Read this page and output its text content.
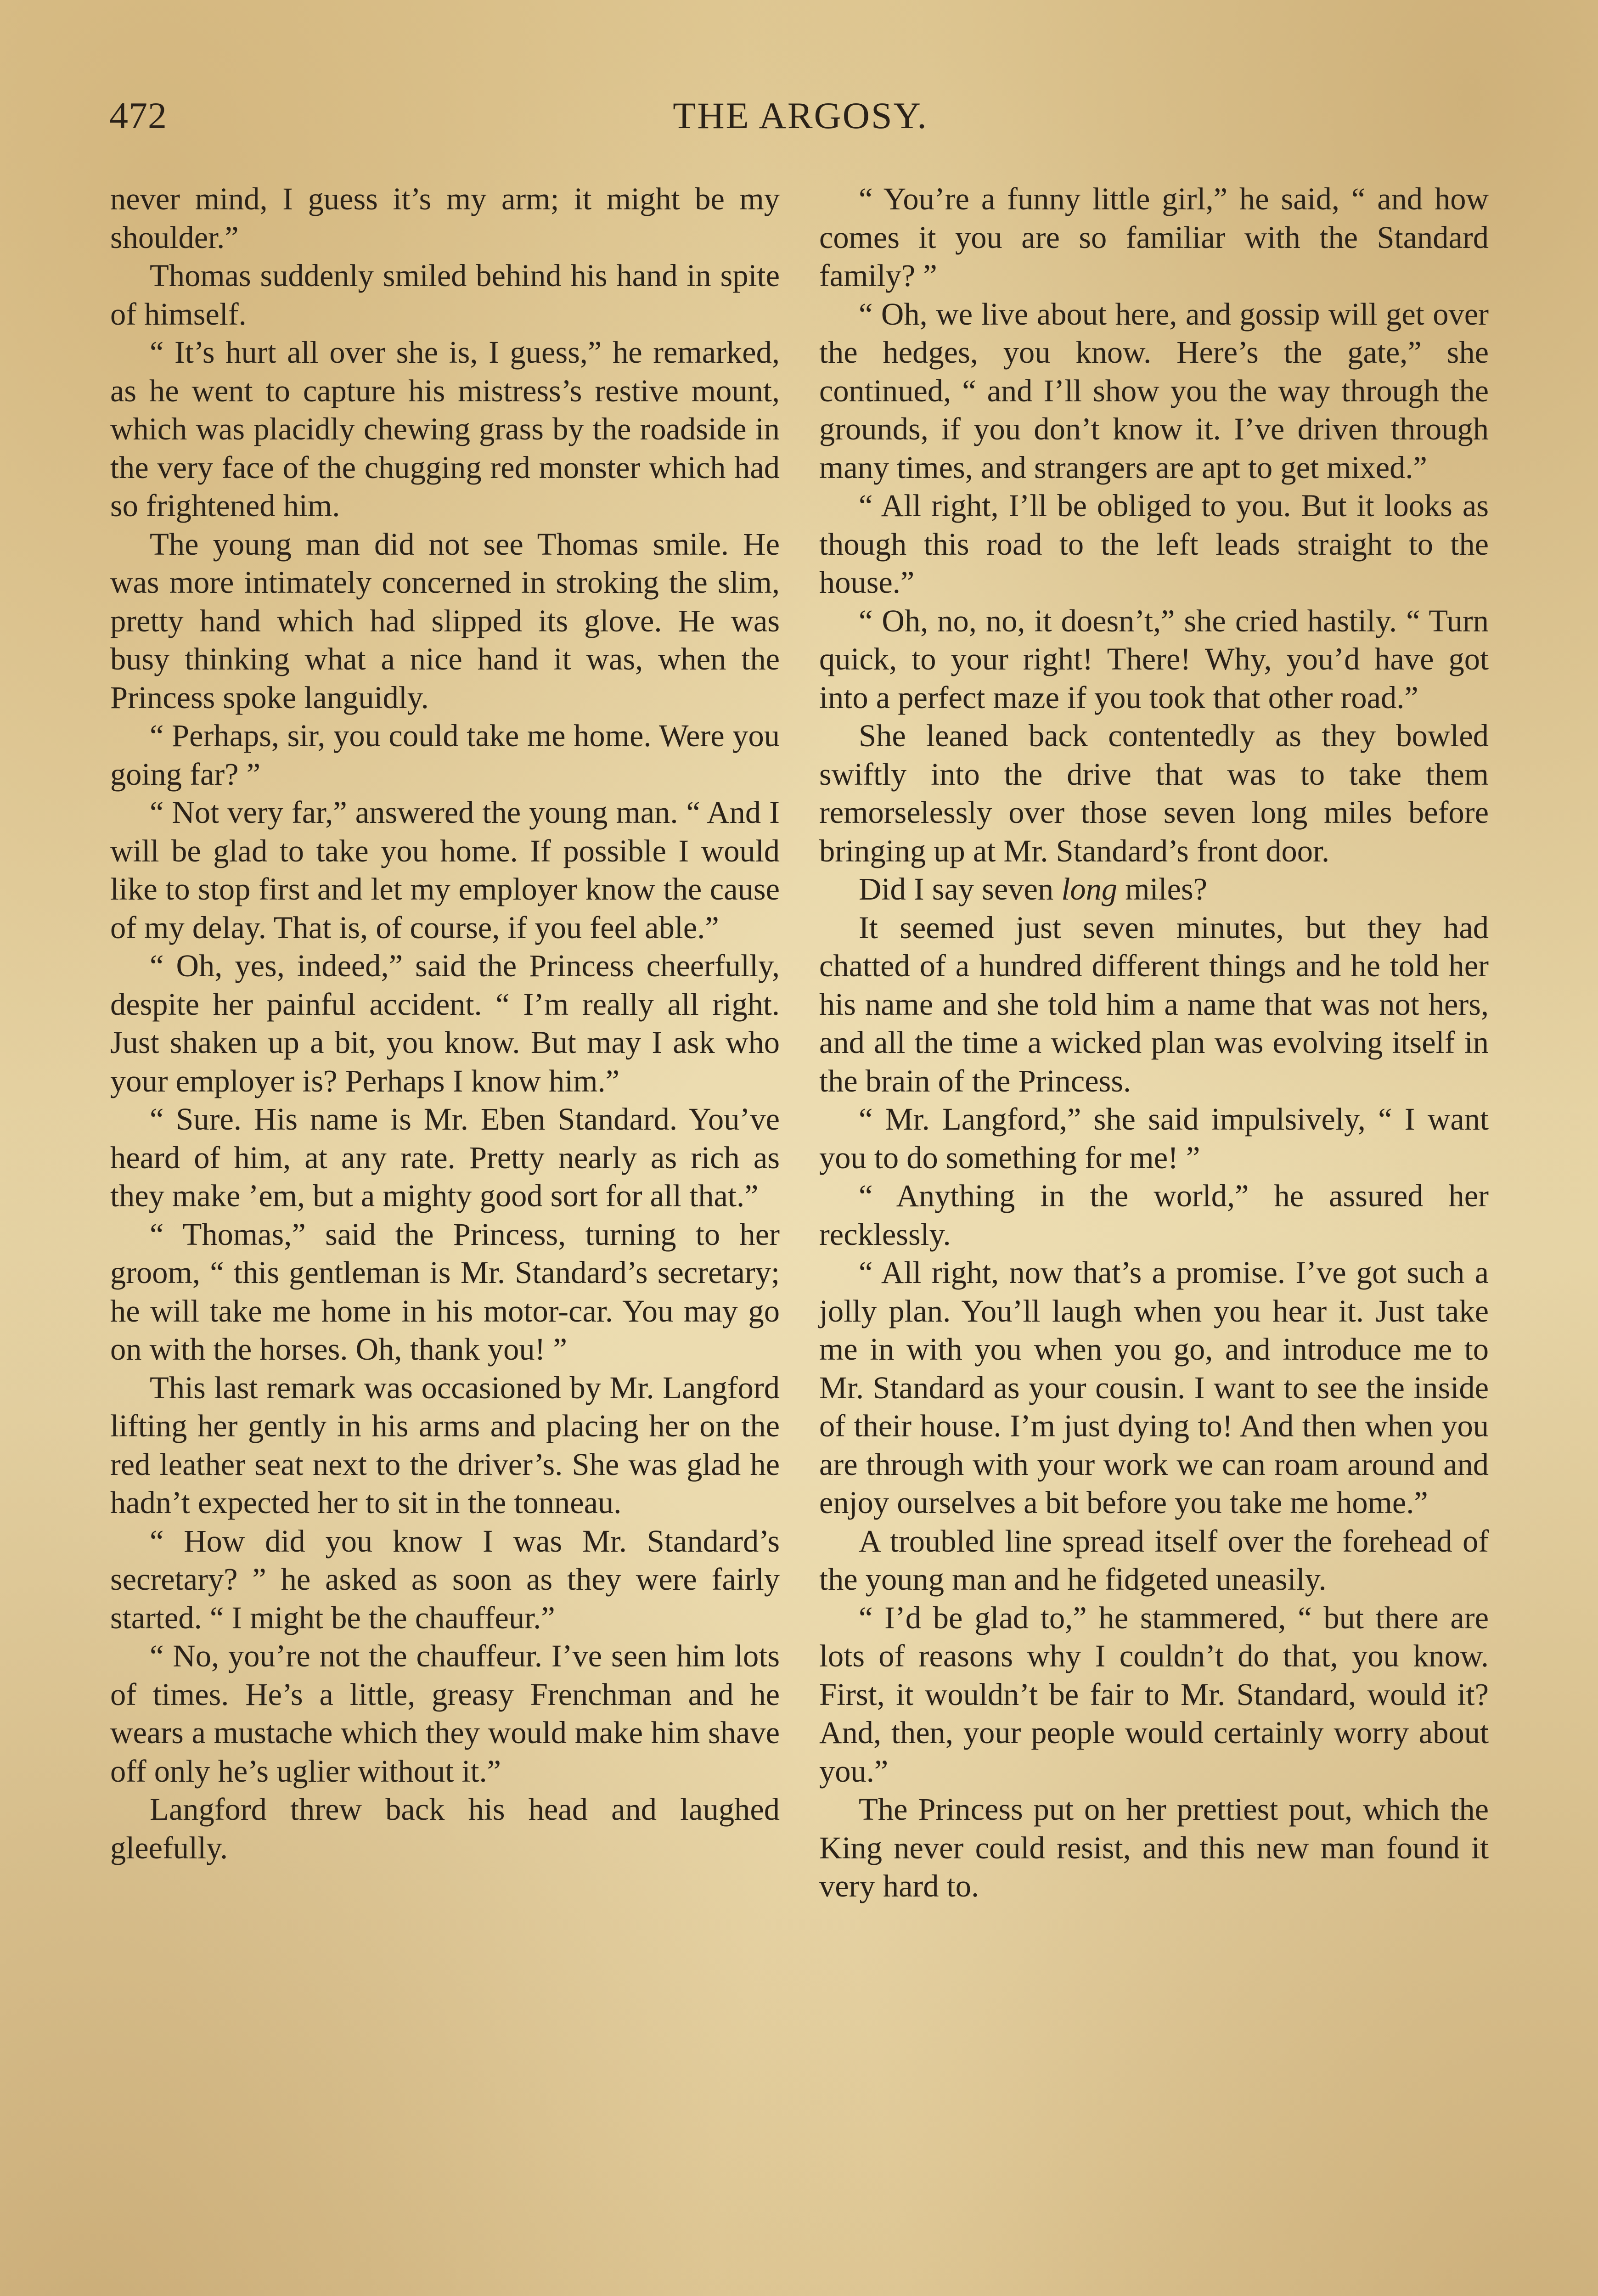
472	THE ARGOSY.

never mind, I guess it’s my arm; it might be my shoulder.”

Thomas suddenly smiled behind his hand in spite of himself.

“ It’s hurt all over she is, I guess,” he remarked, as he went to capture his mistress’s restive mount, which was placidly chewing grass by the roadside in the very face of the chugging red monster which had so frightened him.

The young man did not see Thomas smile. He was more intimately concerned in stroking the slim, pretty hand which had slipped its glove. He was busy thinking what a nice hand it was, when the Princess spoke languidly.

“ Perhaps, sir, you could take me home. Were you going far? ”

“ Not very far,” answered the young man. “ And I will be glad to take you home. If possible I would like to stop first and let my employer know the cause of my delay. That is, of course, if you feel able.”

“ Oh, yes, indeed,” said the Princess cheerfully, despite her painful accident. “ I’m really all right. Just shaken up a bit, you know. But may I ask who your employer is? Perhaps I know him.”

“ Sure. His name is Mr. Eben Standard. You’ve heard of him, at any rate. Pretty nearly as rich as they make ’em, but a mighty good sort for all that.”

“ Thomas,” said the Princess, turning to her groom, “ this gentleman is Mr. Standard’s secretary; he will take me home in his motor-car. You may go on with the horses. Oh, thank you! ”

This last remark was occasioned by Mr. Langford lifting her gently in his arms and placing her on the red leather seat next to the driver’s. She was glad he hadn’t expected her to sit in the tonneau.

“ How did you know I was Mr. Standard’s secretary? ” he asked as soon as they were fairly started. “ I might be the chauffeur.”

“ No, you’re not the chauffeur. I’ve seen him lots of times. He’s a little, greasy Frenchman and he wears a mustache which they would make him shave off only he’s uglier without it.”

Langford threw back his head and laughed gleefully.

“ You’re a funny little girl,” he said, “ and how comes it you are so familiar with the Standard family? ”

“ Oh, we live about here, and gossip will get over the hedges, you know. Here’s the gate,” she continued, “ and I’ll show you the way through the grounds, if you don’t know it. I’ve driven through many times, and strangers are apt to get mixed.”

“ All right, I’ll be obliged to you. But it looks as though this road to the left leads straight to the house.”

“ Oh, no, no, it doesn’t,” she cried hastily. “ Turn quick, to your right! There! Why, you’d have got into a perfect maze if you took that other road.”

She leaned back contentedly as they bowled swiftly into the drive that was to take them remorselessly over those seven long miles before bringing up at Mr. Standard’s front door.

Did I say seven long miles?

It seemed just seven minutes, but they had chatted of a hundred different things and he told her his name and she told him a name that was not hers, and all the time a wicked plan was evolving itself in the brain of the Princess.

“ Mr. Langford,” she said impulsively, “ I want you to do something for me! ”

“ Anything in the world,” he assured her recklessly.

“ All right, now that’s a promise. I’ve got such a jolly plan. You’ll laugh when you hear it. Just take me in with you when you go, and introduce me to Mr. Standard as your cousin. I want to see the inside of their house. I’m just dying to! And then when you are through with your work we can roam around and enjoy ourselves a bit before you take me home.”

A troubled line spread itself over the forehead of the young man and he fidgeted uneasily.

“ I’d be glad to,” he stammered, “ but there are lots of reasons why I couldn’t do that, you know. First, it wouldn’t be fair to Mr. Standard, would it? And, then, your people would certainly worry about you.”

The Princess put on her prettiest pout, which the King never could resist, and this new man found it very hard to.
